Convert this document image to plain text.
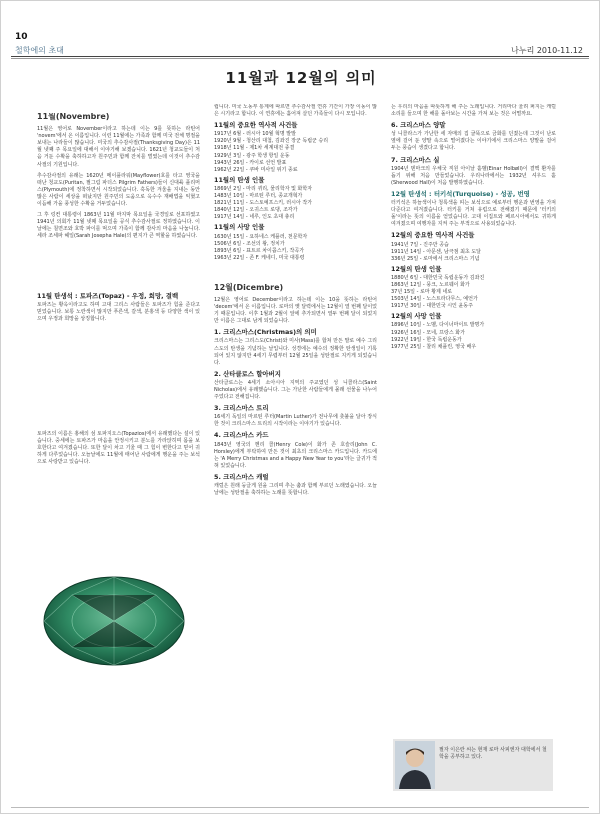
10
철학에의 초대	나누리 2010-11.12
11월과 12월의 의미
11월(Novembre)

11월은 영어로 November이라고 하는데 이는 9를 뜻하는 라틴어 'novem'에서 온 이름입니다. 이런 11월에는 가족과 함께 미국 전체 명절을 보내는 나라들이 많습니다. 미국의 추수감사절(Thanksgiving Day)은 11월 넷째 주 목요일에 대해서 이야기해 보겠습니다. 1621년 청교도들이 처음 거둔 수확을 축하하고자 원주민과 함께 잔치를 벌였는데 이것이 추수감사절의 기원입니다.

추수감사절의 유래는 1620년 메이플라워(Mayflower)호를 타고 영국을 떠난 청교도(Puritan, 필그림 파더스 Pilgrim Fathers)들이 신대륙 플리머스(Plymouth)에 정착하면서 시작되었습니다. 혹독한 겨울을 지내는 동안 많은 사람이 세상을 떠났지만 원주민의 도움으로 옥수수 재배법을 익혔고 이듬해 가을 풍성한 수확을 거두었습니다.

그 후 링컨 대통령이 1863년 11월 마지막 목요일을 국경일로 선포하였고 1941년 의회가 11월 넷째 목요일을 공식 추수감사절로 정하였습니다. 이 날에는 칠면조와 호박 파이를 먹으며 가족이 함께 감사의 마음을 나눕니다. 세라 조세파 헤일(Sarah Josepha Hale)의 편지가 큰 역할을 하였습니다.

11월 탄생석 : 토파즈(Topaz) - 우정, 희망, 결백

토파즈는 황옥이라고도 하며 고대 그리스 사람들은 토파즈가 힘을 준다고 믿었습니다. 보통 노란색이 많지만 푸른색, 갈색, 분홍색 등 다양한 색이 있으며 우정과 희망을 상징합니다.

토파즈의 이름은 홍해의 섬 토파지오스(Topazios)에서 유래했다는 설이 있습니다. 중세에는 토파즈가 마음을 안정시키고 분노를 가라앉히며 몸을 보호한다고 여겨졌습니다. 또한 달이 차고 기울 때 그 힘이 변한다고 믿어 귀하게 다루었습니다. 오늘날에도 11월에 태어난 사람에게 행운을 주는 보석으로 사랑받고 있습니다.

립니다. 미국 노동부 통계에 따르면 추수감사절 연휴 기간이 가장 이동이 많은 시기라고 합니다. 이 연휴에는 흩어져 살던 가족들이 다시 모입니다.

11월의 중요한 역사적 사건들
1917년 6월 - 러시아 10월 혁명 발발
1920년 9월 - 청산리 대첩, 김좌진 장군 독립군 승리
1918년 11월 - 제1차 세계대전 종결
1929년 3일 - 광주 학생 항일 운동
1943년 26일 - 카이로 선언 발표
1962년 22일 - 쿠바 미사일 위기 종료
11월의 탄생 인물
1869년 2일 - 마리 퀴리, 물리학자 및 화학자
1483년 10일 - 마르틴 루터, 종교개혁가
1821년 11일 - 도스토예프스키, 러시아 작가
1840년 12일 - 오귀스트 로댕, 조각가
1917년 14일 - 네루, 인도 초대 총리
11월의 사망 인물
1630년 15일 - 요하네스 케플러, 천문학자
1506년 6일 - 조선의 왕, 정치가
1893년 6일 - 표트르 차이콥스키, 작곡가
1963년 22일 - 존 F. 케네디, 미국 대통령
12월(Dicembre)

12월은 영어로 December이라고 하는데 이는 10을 뜻하는 라틴어 'decem'에서 온 이름입니다. 로마의 옛 달력에서는 12월이 열 번째 달이었기 때문입니다. 이후 1월과 2월이 앞에 추가되면서 열두 번째 달이 되었지만 이름은 그대로 남게 되었습니다.

1. 크리스마스(Christmas)의 의미

크리스마스는 그리스도(Christ)와 미사(Mass)를 합쳐 만든 말로 예수 그리스도의 탄생을 기념하는 날입니다. 성경에는 예수의 정확한 탄생일이 기록되어 있지 않지만 4세기 무렵부터 12월 25일을 성탄절로 지키게 되었습니다.

2. 산타클로스 할아버지

산타클로스는 4세기 소아시아 지역의 주교였던 성 니콜라스(Saint Nicholas)에서 유래했습니다. 그는 가난한 사람들에게 몰래 선물을 나누어 주었다고 전해집니다.

3. 크리스마스 트리

16세기 독일의 마르틴 루터(Martin Luther)가 전나무에 촛불을 달아 장식한 것이 크리스마스 트리의 시작이라는 이야기가 있습니다.

4. 크리스마스 카드

1843년 영국의 헨리 콜(Henry Cole)이 화가 존 호슬리(John C. Horsley)에게 부탁하여 만든 것이 최초의 크리스마스 카드입니다. 카드에는 'A Merry Christmas and a Happy New Year to you'라는 글귀가 적혀 있었습니다.

5. 크리스마스 캐럴

캐럴은 원래 둥글게 원을 그리며 추는 춤과 함께 부르던 노래였습니다. 오늘날에는 성탄절을 축하하는 노래를 뜻합니다.

는 우리의 마음을 따뜻하게 해 주는 노래입니다. 거리마다 울려 퍼지는 캐럴 소리를 들으며 한 해를 돌아보는 시간을 가져 보는 것은 어떨까요.

6. 크리스마스 양말

성 니콜라스가 가난한 세 자매의 집 굴뚝으로 금화를 던졌는데 그것이 난로 옆에 걸어 둔 양말 속으로 떨어졌다는 이야기에서 크리스마스 양말을 걸어 두는 풍습이 생겼다고 합니다.

7. 크리스마스 실

1904년 덴마크의 우체국 직원 아이날 홀벨(Einar Holbøll)이 결핵 환자를 돕기 위해 처음 만들었습니다. 우리나라에서는 1932년 셔우드 홀(Sherwood Hall)이 처음 발행하였습니다.

12월 탄생석 : 터키석(Turquoise) - 성공, 번영

터키석은 하늘색이나 청록색을 띠는 보석으로 예로부터 행운과 번영을 가져다준다고 여겨졌습니다. 터키를 거쳐 유럽으로 전해졌기 때문에 '터키의 돌'이라는 뜻의 이름을 얻었습니다. 고대 이집트와 페르시아에서도 귀하게 여겨졌으며 여행자를 지켜 주는 부적으로 사용되었습니다.

12월의 중요한 역사적 사건들
1941년 7일 - 진주만 공습
1911년 14일 - 아문센, 남극점 최초 도달
336년 25일 - 로마에서 크리스마스 기념
12월의 탄생 인물
1880년 6일 - 대한민국 독립운동가 김좌진
1863년 12일 - 뭉크, 노르웨이 화가
37년 15일 - 로마 황제 네로
1503년 14일 - 노스트라다무스, 예언가
1917년 30일 - 대한민국 시인 윤동주
12월의 사망 인물
1896년 10일 - 노벨, 다이너마이트 발명가
1926년 16일 - 모네, 프랑스 화가
1922년 19일 - 한국 독립운동가
1977년 25일 - 찰리 채플린, 영국 배우
필자 이은란 씨는 현재 로마 사피엔자 대학에서 철학을 공부하고 있다.
